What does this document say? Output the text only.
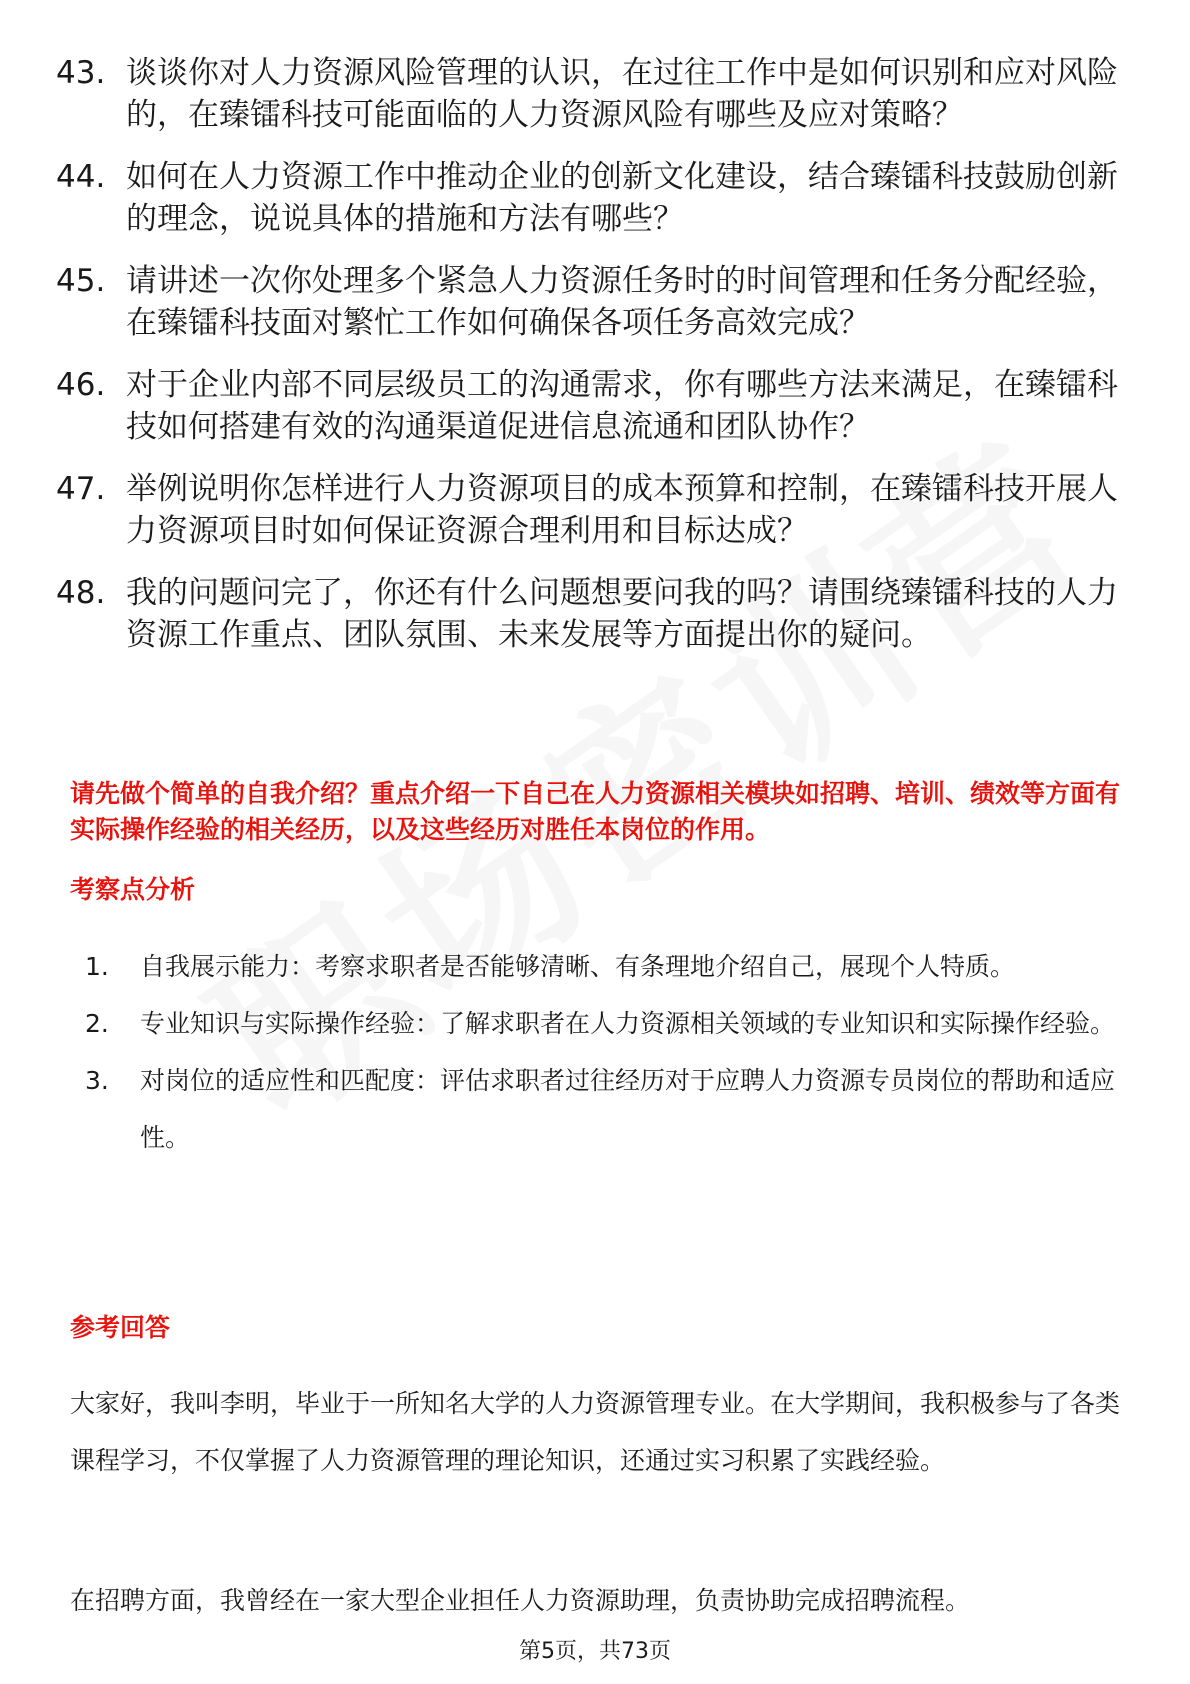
43. 谈谈你对人力资源风险管理的认识，在过往工作中是如何识别和应对风险的，在臻镭科技可能面临的人力资源风险有哪些及应对策略？
44. 如何在人力资源工作中推动企业的创新文化建设，结合臻镭科技鼓励创新的理念，说说具体的措施和方法有哪些？
45. 请讲述一次你处理多个紧急人力资源任务时的时间管理和任务分配经验，在臻镭科技面对繁忙工作如何确保各项任务高效完成？
46. 对于企业内部不同层级员工的沟通需求，你有哪些方法来满足，在臻镭科技如何搭建有效的沟通渠道促进信息流通和团队协作？
47. 举例说明你怎样进行人力资源项目的成本预算和控制，在臻镭科技开展人力资源项目时如何保证资源合理利用和目标达成？
48. 我的问题问完了，你还有什么问题想要问我的吗？请围绕臻镭科技的人力资源工作重点、团队氛围、未来发展等方面提出你的疑问。

请先做个简单的自我介绍？重点介绍一下自己在人力资源相关模块如招聘、培训、绩效等方面有实际操作经验的相关经历，以及这些经历对胜任本岗位的作用。

考察点分析
1.	自我展示能力：考察求职者是否能够清晰、有条理地介绍自己，展现个人特质。
2.	专业知识与实际操作经验：了解求职者在人力资源相关领域的专业知识和实际操作经验。
3.	对岗位的适应性和匹配度：评估求职者过往经历对于应聘人力资源专员岗位的帮助和适应性。
参考回答

大家好，我叫李明，毕业于一所知名大学的人力资源管理专业。在大学期间，我积极参与了各类课程学习，不仅掌握了人力资源管理的理论知识，还通过实习积累了实践经验。

在招聘方面，我曾经在一家大型企业担任人力资源助理，负责协助完成招聘流程。

第5页，共73页
